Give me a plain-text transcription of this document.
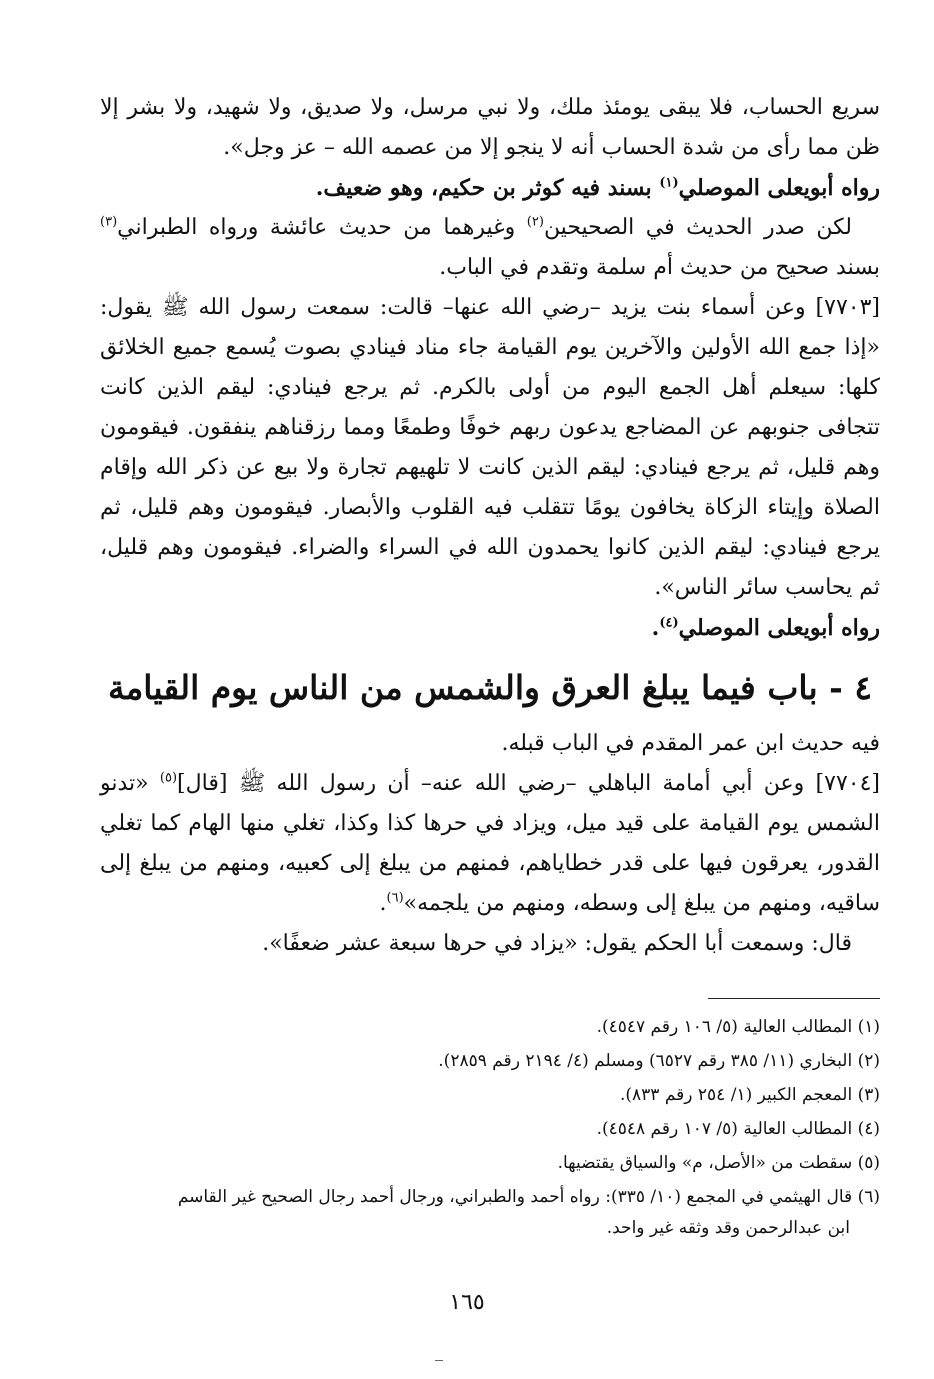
سريع الحساب، فلا يبقى يومئذ ملك، ولا نبي مرسل، ولا صديق، ولا شهيد، ولا بشر إلا ظن مما رأى من شدة الحساب أنه لا ينجو إلا من عصمه الله – عز وجل».

رواه أبويعلى الموصلي$^{(١)}$ بسند فيه كوثر بن حكيم، وهو ضعيف.

لكن صدر الحديث في الصحيحين$^{(٢)}$ وغيرهما من حديث عائشة ورواه الطبراني$^{(٣)}$ بسند صحيح من حديث أم سلمة وتقدم في الباب.

[٧٧٠٣] وعن أسماء بنت يزيد –رضي الله عنها– قالت: سمعت رسول الله ﷺ يقول: «إذا جمع الله الأولين والآخرين يوم القيامة جاء مناد فينادي بصوت يُسمع جميع الخلائق كلها: سيعلم أهل الجمع اليوم من أولى بالكرم. ثم يرجع فينادي: ليقم الذين كانت تتجافى جنوبهم عن المضاجع يدعون ربهم خوفًا وطمعًا ومما رزقناهم ينفقون. فيقومون وهم قليل، ثم يرجع فينادي: ليقم الذين كانت لا تلهيهم تجارة ولا بيع عن ذكر الله وإقام الصلاة وإيتاء الزكاة يخافون يومًا تتقلب فيه القلوب والأبصار. فيقومون وهم قليل، ثم يرجع فينادي: ليقم الذين كانوا يحمدون الله في السراء والضراء. فيقومون وهم قليل، ثم يحاسب سائر الناس».

رواه أبويعلى الموصلي$^{(٤)}$.

٤ - باب فيما يبلغ العرق والشمس من الناس يوم القيامة

فيه حديث ابن عمر المقدم في الباب قبله.

[٧٧٠٤] وعن أبي أمامة الباهلي –رضي الله عنه– أن رسول الله ﷺ [قال]$^{(٥)}$ «تدنو الشمس يوم القيامة على قيد ميل، ويزاد في حرها كذا وكذا، تغلي منها الهام كما تغلي القدور، يعرقون فيها على قدر خطاياهم، فمنهم من يبلغ إلى كعبيه، ومنهم من يبلغ إلى ساقيه، ومنهم من يبلغ إلى وسطه، ومنهم من يلجمه»$^{(٦)}$.

قال: وسمعت أبا الحكم يقول: «يزاد في حرها سبعة عشر ضعفًا».

(١) المطالب العالية (٥/ ١٠٦ رقم ٤٥٤٧).

(٢) البخاري (١١/ ٣٨٥ رقم ٦٥٢٧) ومسلم (٤/ ٢١٩٤ رقم ٢٨٥٩).

(٣) المعجم الكبير (١/ ٢٥٤ رقم ٨٣٣).

(٤) المطالب العالية (٥/ ١٠٧ رقم ٤٥٤٨).

(٥) سقطت من «الأصل، م» والسياق يقتضيها.

(٦) قال الهيثمي في المجمع (١٠/ ٣٣٥): رواه أحمد والطبراني، ورجال أحمد رجال الصحيح غير القاسم

ابن عبدالرحمن وقد وثقه غير واحد.

١٦٥
